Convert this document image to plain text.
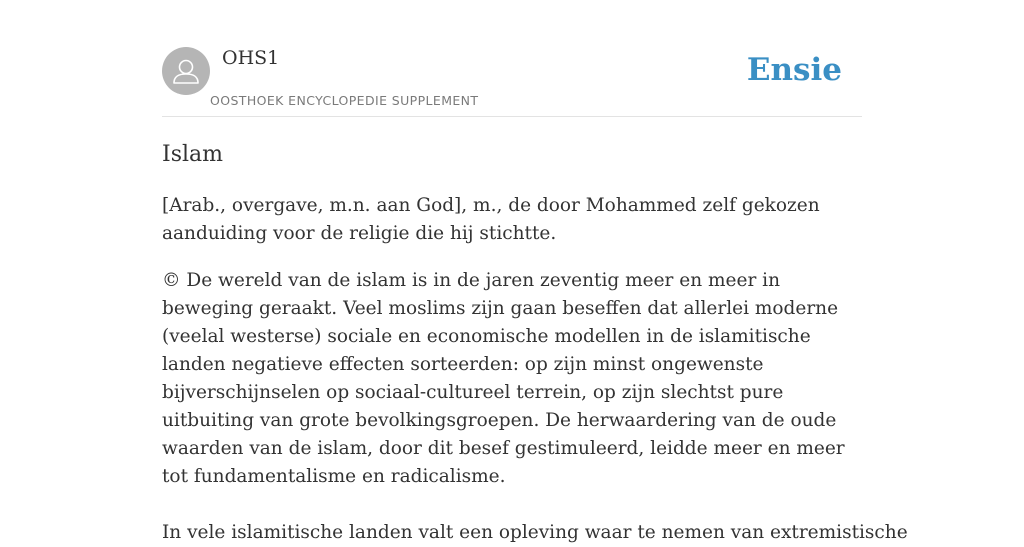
OHS1
OOSTHOEK ENCYCLOPEDIE SUPPLEMENT
Ensie
Islam

[Arab., overgave, m.n. aan God], m., de door Mohammed zelf gekozen aanduiding voor de religie die hij stichtte.

© De wereld van de islam is in de jaren zeventig meer en meer in beweging geraakt. Veel moslims zijn gaan beseffen dat allerlei moderne (veelal westerse) sociale en economische modellen in de islamitische landen negatieve effecten sorteerden: op zijn minst ongewenste bijverschijnselen op sociaal-cultureel terrein, op zijn slechtst pure uitbuiting van grote bevolkingsgroepen. De herwaardering van de oude waarden van de islam, door dit besef gestimuleerd, leidde meer en meer tot fundamentalisme en radicalisme.

In vele islamitische landen valt een opleving waar te nemen van extremistische
